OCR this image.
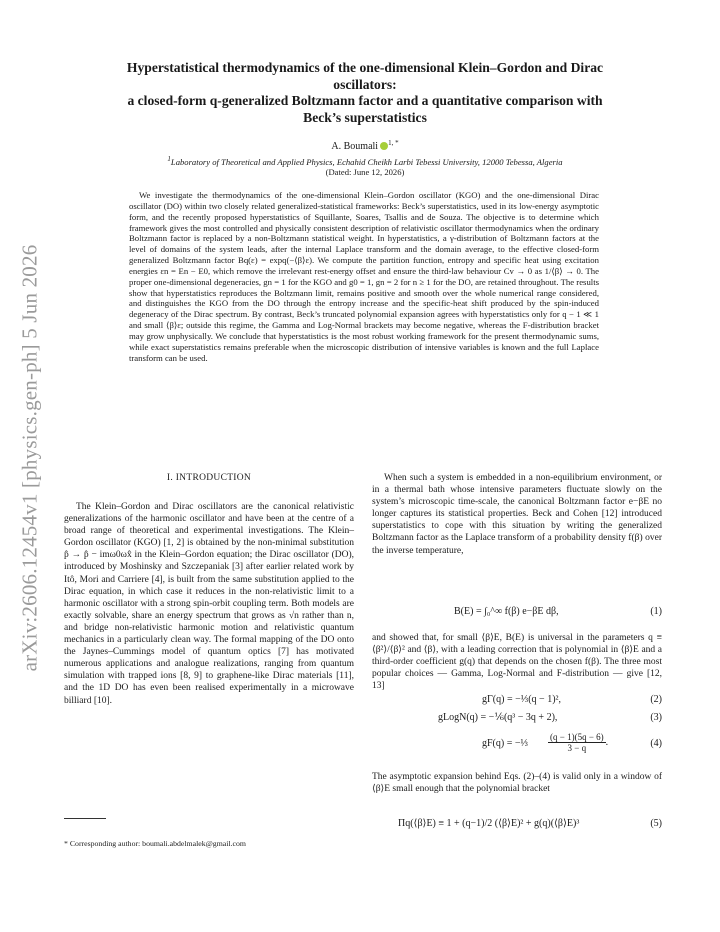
arXiv:2606.12454v1 [physics.gen-ph] 5 Jun 2026
Hyperstatistical thermodynamics of the one-dimensional Klein–Gordon and Dirac
oscillators:
a closed-form q-generalized Boltzmann factor and a quantitative comparison with
Beck’s superstatistics
A. Boumali $^{1, *}$
$^1$Laboratory of Theoretical and Applied Physics, Echahid Cheikh Larbi Tebessi University, 12000 Tebessa, Algeria
(Dated: June 12, 2026)

We investigate the thermodynamics of the one-dimensional Klein–Gordon oscillator (KGO) and the one-dimensional Dirac oscillator (DO) within two closely related generalized-statistical frameworks: Beck’s superstatistics, used in its low-energy asymptotic form, and the recently proposed hyperstatistics of Squillante, Soares, Tsallis and de Souza. The objective is to determine which framework gives the most controlled and physically consistent description of relativistic oscillator thermodynamics when the ordinary Boltzmann factor is replaced by a non-Boltzmann statistical weight. In hyperstatistics, a γ-distribution of Boltzmann factors at the level of domains of the system leads, after the internal Laplace transform and the domain average, to the effective closed-form generalized Boltzmann factor Bq(ε) = expq(−⟨β⟩ε). We compute the partition function, entropy and specific heat using excitation energies εn = En − E0, which remove the irrelevant rest-energy offset and ensure the third-law behaviour Cv → 0 as 1/⟨β⟩ → 0. The proper one-dimensional degeneracies, gn = 1 for the KGO and g0 = 1, gn = 2 for n ≥ 1 for the DO, are retained throughout. The results show that hyperstatistics reproduces the Boltzmann limit, remains positive and smooth over the whole numerical range considered, and distinguishes the KGO from the DO through the entropy increase and the specific-heat shift produced by the spin-induced degeneracy of the Dirac spectrum. By contrast, Beck’s truncated polynomial expansion agrees with hyperstatistics only for q − 1 ≪ 1 and small ⟨β⟩ε; outside this regime, the Gamma and Log-Normal brackets may become negative, whereas the F-distribution bracket may grow unphysically. We conclude that hyperstatistics is the most robust working framework for the present thermodynamic sums, while exact superstatistics remains preferable when the microscopic distribution of intensive variables is known and the full Laplace transform can be used.

I. INTRODUCTION

The Klein–Gordon and Dirac oscillators are the canonical relativistic generalizations of the harmonic oscillator and have been at the centre of a broad range of theoretical and experimental investigations. The Klein–Gordon oscillator (KGO) [1, 2] is obtained by the non-minimal substitution p̂ → p̂ − imω0ωx̂ in the Klein–Gordon equation; the Dirac oscillator (DO), introduced by Moshinsky and Szczepaniak [3] after earlier related work by Itô, Mori and Carriere [4], is built from the same substitution applied to the Dirac equation, in which case it reduces in the non-relativistic limit to a harmonic oscillator with a strong spin-orbit coupling term. Both models are exactly solvable, share an energy spectrum that grows as √n rather than n, and bridge non-relativistic harmonic motion and relativistic quantum mechanics in a particularly clean way. The formal mapping of the DO onto the Jaynes–Cummings model of quantum optics [7] has motivated numerous applications and analogue realizations, ranging from quantum simulation with trapped ions [8, 9] to graphene-like Dirac materials [11], and the 1D DO has even been realised experimentally in a microwave billiard [10].

When such a system is embedded in a non-equilibrium environment, or in a thermal bath whose intensive parameters fluctuate slowly on the system’s microscopic time-scale, the canonical Boltzmann factor e−βE no longer captures its statistical properties. Beck and Cohen [12] introduced superstatistics to cope with this situation by writing the generalized Boltzmann factor as the Laplace transform of a probability density f(β) over the inverse temperature,

B(E) = ∫₀^∞ f(β) e−βE dβ,	(1)

and showed that, for small ⟨β⟩E, B(E) is universal in the parameters q ≡ ⟨β²⟩/⟨β⟩² and ⟨β⟩, with a leading correction that is polynomial in ⟨β⟩E and a third-order coefficient g(q) that depends on the chosen f(β). The three most popular choices — Gamma, Log-Normal and F-distribution — give [12, 13]

gΓ(q) = −⅓(q − 1)²,	(2)
gLogN(q) = −⅙(q³ − 3q + 2),	(3)
gF(q) = −⅓ $\frac{(q - 1)(5q - 6)}{3 - q}$ .	(4)

The asymptotic expansion behind Eqs. (2)–(4) is valid only in a window of ⟨β⟩E small enough that the polynomial bracket

Πq(⟨β⟩E) ≡ 1 + (q−1)/2 (⟨β⟩E)² + g(q)(⟨β⟩E)³	(5)
* Corresponding author: boumali.abdelmalek@gmail.com
